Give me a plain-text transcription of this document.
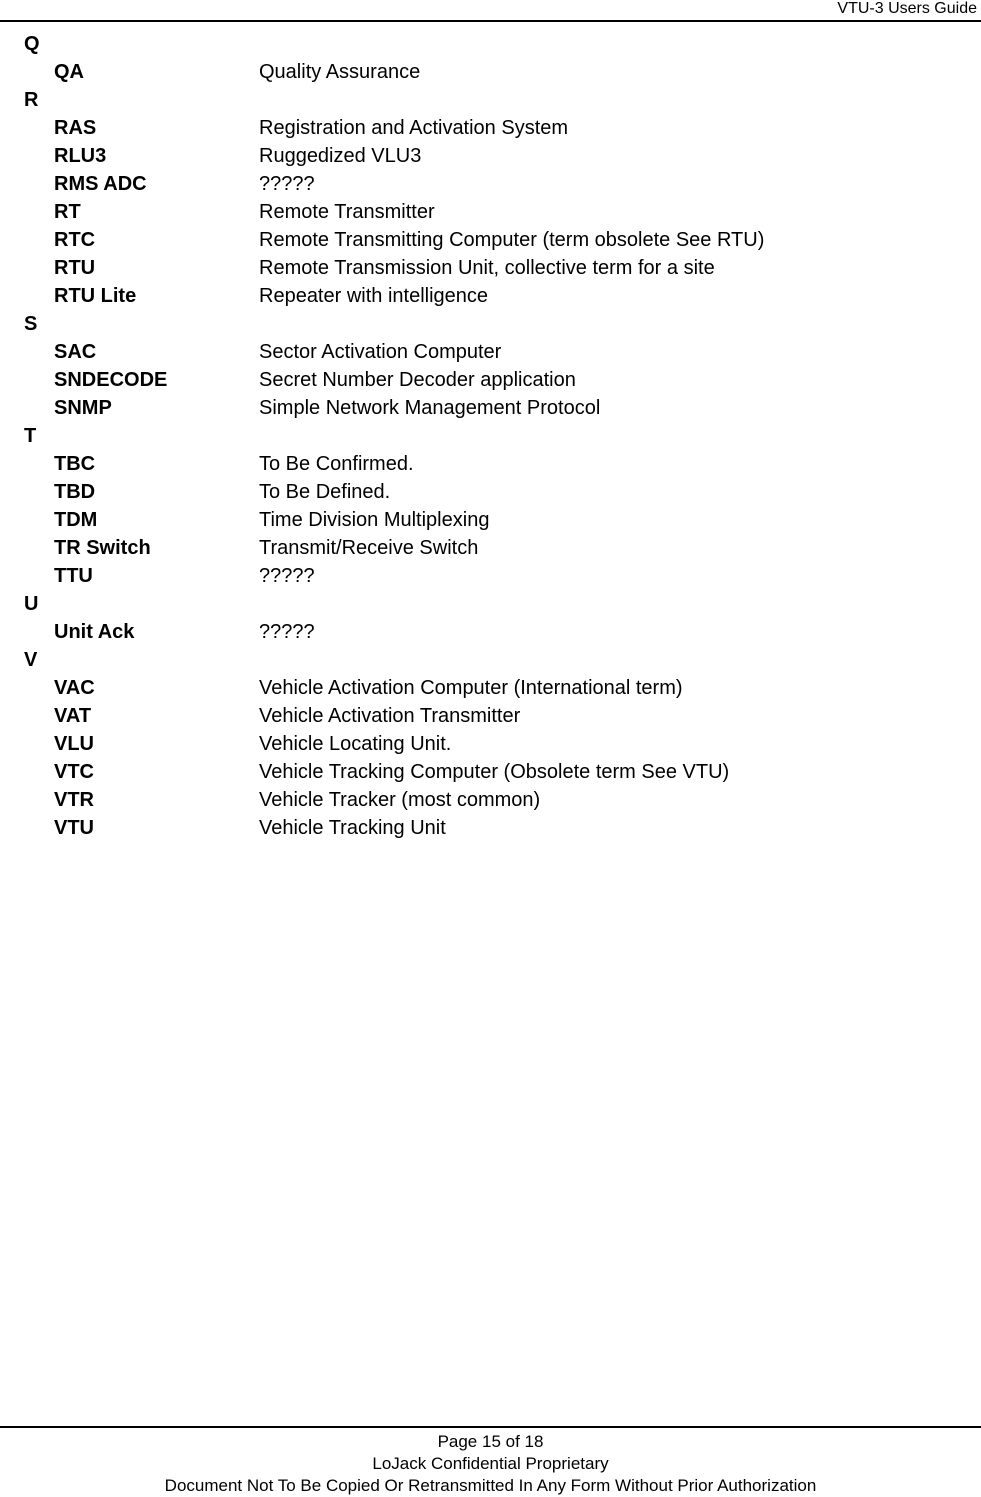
VTU-3 Users Guide
Q
QA	Quality Assurance
R
RAS	Registration and Activation System
RLU3	Ruggedized VLU3
RMS ADC	?????
RT	Remote Transmitter
RTC	Remote Transmitting Computer (term obsolete See RTU)
RTU	Remote Transmission Unit, collective term for a site
RTU Lite	Repeater with intelligence
S
SAC	Sector Activation Computer
SNDECODE	Secret Number Decoder application
SNMP	Simple Network Management Protocol
T
TBC	To Be Confirmed.
TBD	To Be Defined.
TDM	Time Division Multiplexing
TR Switch	Transmit/Receive Switch
TTU	?????
U
Unit Ack	?????
V
VAC	Vehicle Activation Computer (International term)
VAT	Vehicle Activation Transmitter
VLU	Vehicle Locating Unit.
VTC	Vehicle Tracking Computer (Obsolete term See VTU)
VTR	Vehicle Tracker (most common)
VTU	Vehicle Tracking Unit
Page 15 of 18
LoJack Confidential Proprietary
Document Not To Be Copied Or Retransmitted In Any Form Without Prior Authorization
